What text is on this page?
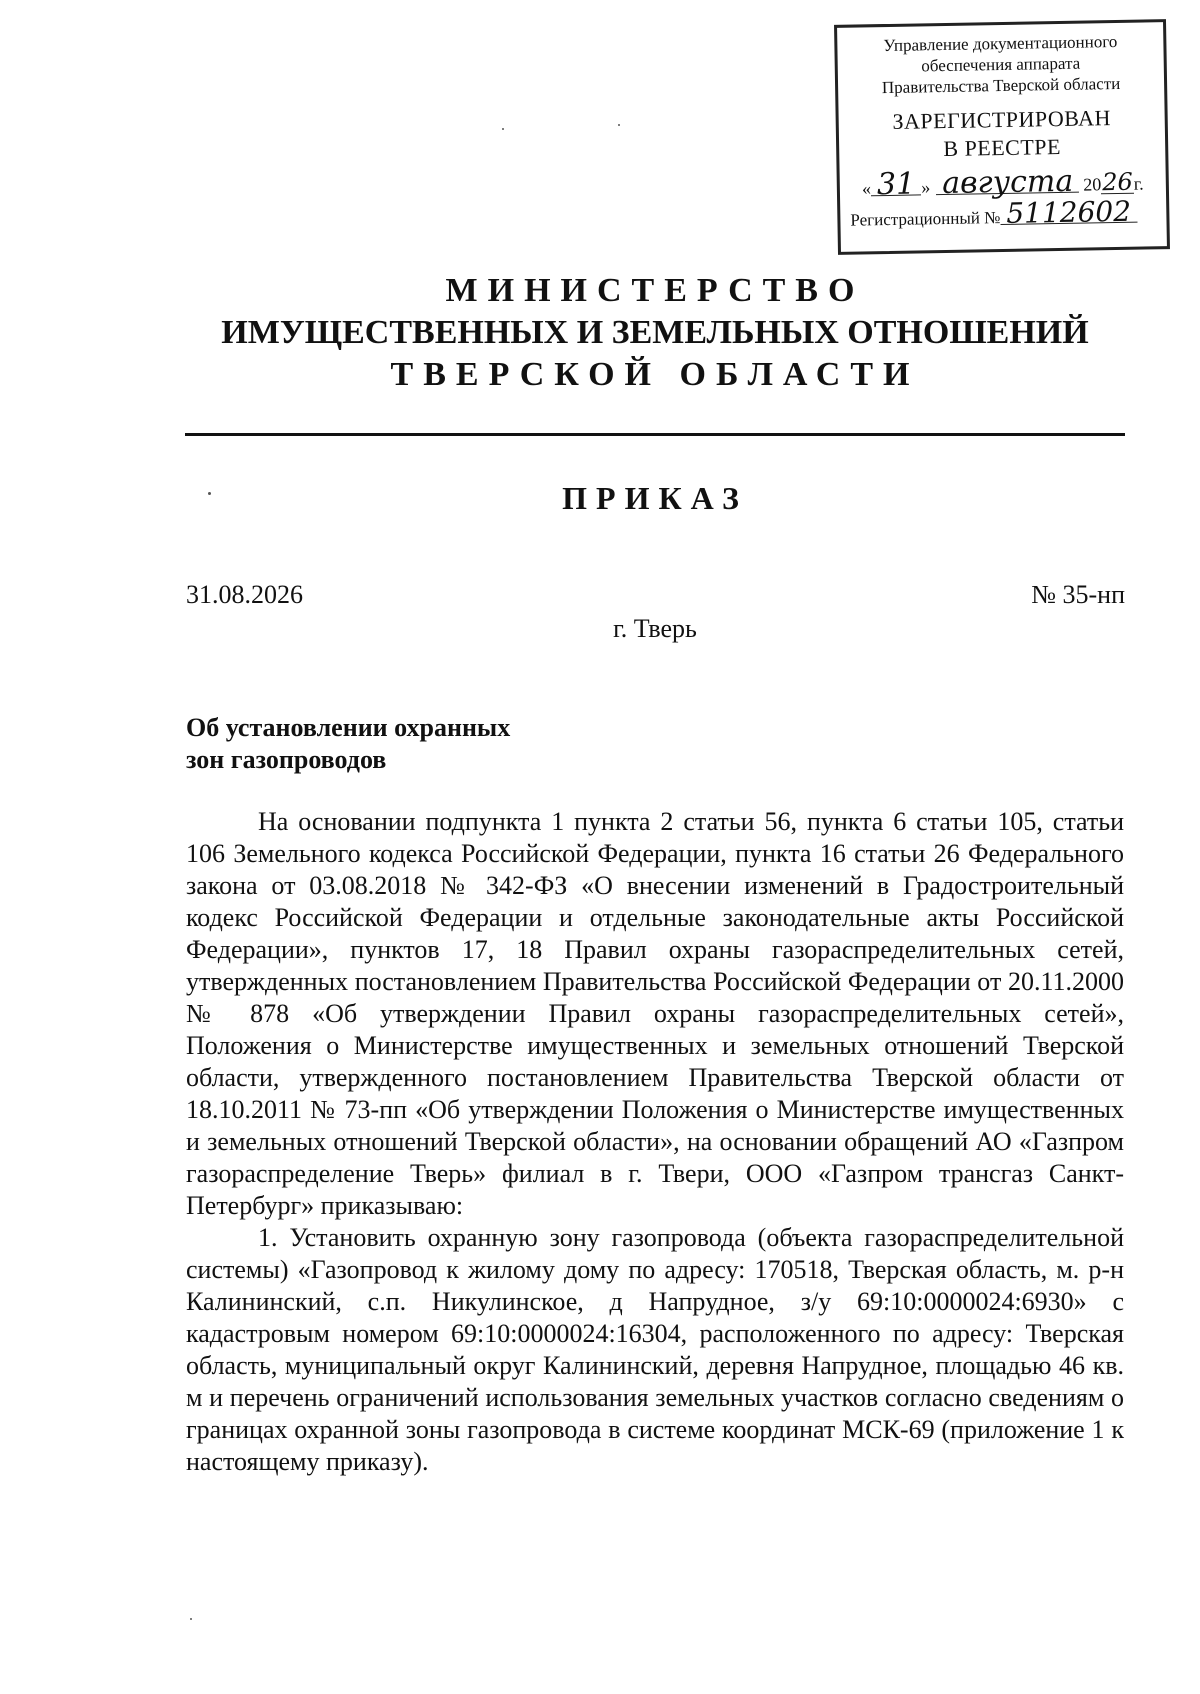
Управление документационного
обеспечения аппарата
Правительства Тверской области
ЗАРЕГИСТРИРОВАН
В РЕЕСТРЕ
« 31 » августа 20 26 г.
Регистрационный № 5112602
МИНИСТЕРСТВО
ИМУЩЕСТВЕННЫХ И ЗЕМЕЛЬНЫХ ОТНОШЕНИЙ
ТВЕРСКОЙ ОБЛАСТИ
ПРИКАЗ
31.08.2026	№ 35-нп
г. Тверь
Об установлении охранных
зон газопроводов

На основании подпункта 1 пункта 2 статьи 56, пункта 6 статьи 105, статьи 106 Земельного кодекса Российской Федерации, пункта 16 статьи 26 Федерального закона от 03.08.2018 № 342-ФЗ «О внесении изменений в Градостроительный кодекс Российской Федерации и отдельные законодательные акты Российской Федерации», пунктов 17, 18 Правил охраны газораспределительных сетей, утвержденных постановлением Правительства Российской Федерации от 20.11.2000 № 878 «Об утверждении Правил охраны газораспределительных сетей», Положения о Министерстве имущественных и земельных отношений Тверской области, утвержденного постановлением Правительства Тверской области от 18.10.2011 № 73-пп «Об утверждении Положения о Министерстве имущественных и земельных отношений Тверской области», на основании обращений АО «Газпром газораспределение Тверь» филиал в г. Твери, ООО «Газпром трансгаз Санкт-Петербург» приказываю:

1. Установить охранную зону газопровода (объекта газораспределительной системы) «Газопровод к жилому дому по адресу: 170518, Тверская область, м. р-н Калининский, с.п. Никулинское, д Напрудное, з/у 69:10:0000024:6930» с кадастровым номером 69:10:0000024:16304, расположенного по адресу: Тверская область, муниципальный округ Калининский, деревня Напрудное, площадью 46 кв. м и перечень ограничений использования земельных участков согласно сведениям о границах охранной зоны газопровода в системе координат МСК-69 (приложение 1 к настоящему приказу).
